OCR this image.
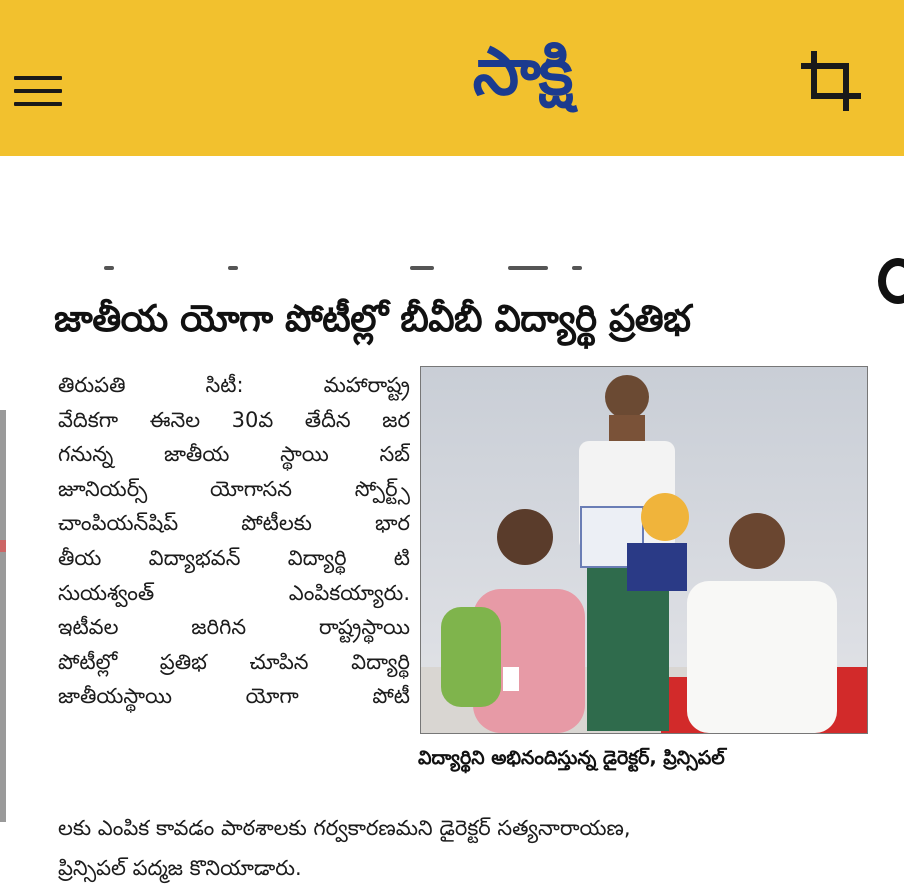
సాక్షి
జాతీయ యోగా పోటీల్లో బీవీబీ విద్యార్థి ప్రతిభ
తిరుపతి సిటీ: మహారాష్ట్ర
వేదికగా ఈనెల 30వ తేదీన జర
గనున్న జాతీయ స్థాయి సబ్
జూనియర్స్ యోగాసన స్పోర్ట్స్
చాంపియన్‌షిప్ పోటీలకు భార
తీయ విద్యాభవన్ విద్యార్థి టి
సుయశ్వంత్ ఎంపికయ్యారు.
ఇటీవల జరిగిన రాష్ట్రస్థాయి
పోటీల్లో ప్రతిభ చూపిన విద్యార్థి
జాతీయస్థాయి యోగా పోటీ
విద్యార్థిని అభినందిస్తున్న డైరెక్టర్, ప్రిన్సిపల్
లకు ఎంపిక కావడం పాఠశాలకు గర్వకారణమని డైరెక్టర్ సత్యనారాయణ,
ప్రిన్సిపల్ పద్మజ కొనియాడారు.
